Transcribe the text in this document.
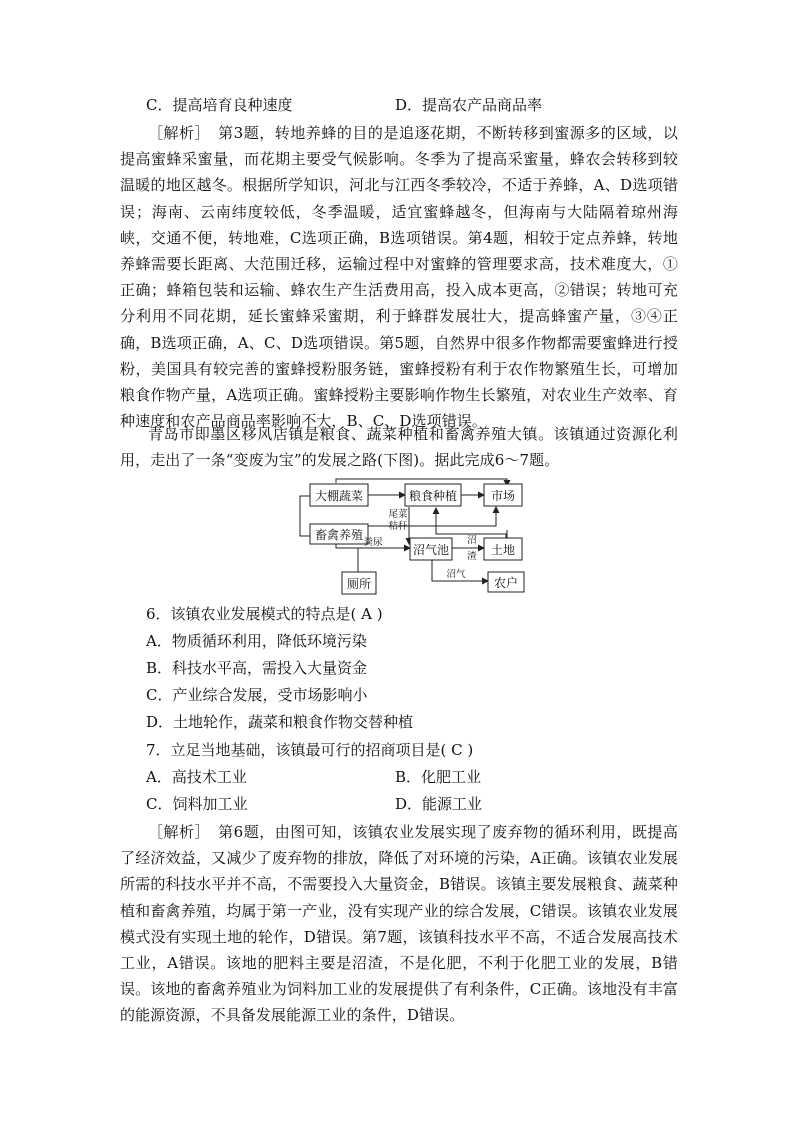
C．提高培育良种速度	D．提高农产品商品率
［解析］　第3题，转地养蜂的目的是追逐花期，不断转移到蜜源多的区域，以提高蜜蜂采蜜量，而花期主要受气候影响。冬季为了提高采蜜量，蜂农会转移到较温暖的地区越冬。根据所学知识，河北与江西冬季较冷，不适于养蜂，A、D选项错误；海南、云南纬度较低，冬季温暖，适宜蜜蜂越冬，但海南与大陆隔着琼州海峡，交通不便，转地难，C选项正确，B选项错误。第4题，相较于定点养蜂，转地养蜂需要长距离、大范围迁移，运输过程中对蜜蜂的管理要求高，技术难度大，①正确；蜂箱包装和运输、蜂农生产生活费用高，投入成本更高，②错误；转地可充分利用不同花期，延长蜜蜂采蜜期，利于蜂群发展壮大，提高蜂蜜产量，③④正确，B选项正确，A、C、D选项错误。第5题，自然界中很多作物都需要蜜蜂进行授粉，美国具有较完善的蜜蜂授粉服务链，蜜蜂授粉有利于农作物繁殖生长，可增加粮食作物产量，A选项正确。蜜蜂授粉主要影响作物生长繁殖，对农业生产效率、育种速度和农产品商品率影响不大，B、C、D选项错误。
青岛市即墨区移风店镇是粮食、蔬菜种植和畜禽养殖大镇。该镇通过资源化利用，走出了一条“变废为宝”的发展之路(下图)。据此完成6～7题。
大棚蔬菜	粮食种植	市场
畜禽养殖
沼气池	土地
厕所	农户
尾菜
秸秆
粪尿	沼
渣
沼气
6．该镇农业发展模式的特点是( A )
A．物质循环利用，降低环境污染
B．科技水平高，需投入大量资金
C．产业综合发展，受市场影响小
D．土地轮作，蔬菜和粮食作物交替种植
7．立足当地基础，该镇最可行的招商项目是( C )
A．高技术工业	B．化肥工业
C．饲料加工业	D．能源工业
［解析］　第6题，由图可知，该镇农业发展实现了废弃物的循环利用，既提高了经济效益，又减少了废弃物的排放，降低了对环境的污染，A正确。该镇农业发展所需的科技水平并不高，不需要投入大量资金，B错误。该镇主要发展粮食、蔬菜种植和畜禽养殖，均属于第一产业，没有实现产业的综合发展，C错误。该镇农业发展模式没有实现土地的轮作，D错误。第7题，该镇科技水平不高，不适合发展高技术工业，A错误。该地的肥料主要是沼渣，不是化肥，不利于化肥工业的发展，B错误。该地的畜禽养殖业为饲料加工业的发展提供了有利条件，C正确。该地没有丰富的能源资源，不具备发展能源工业的条件，D错误。
